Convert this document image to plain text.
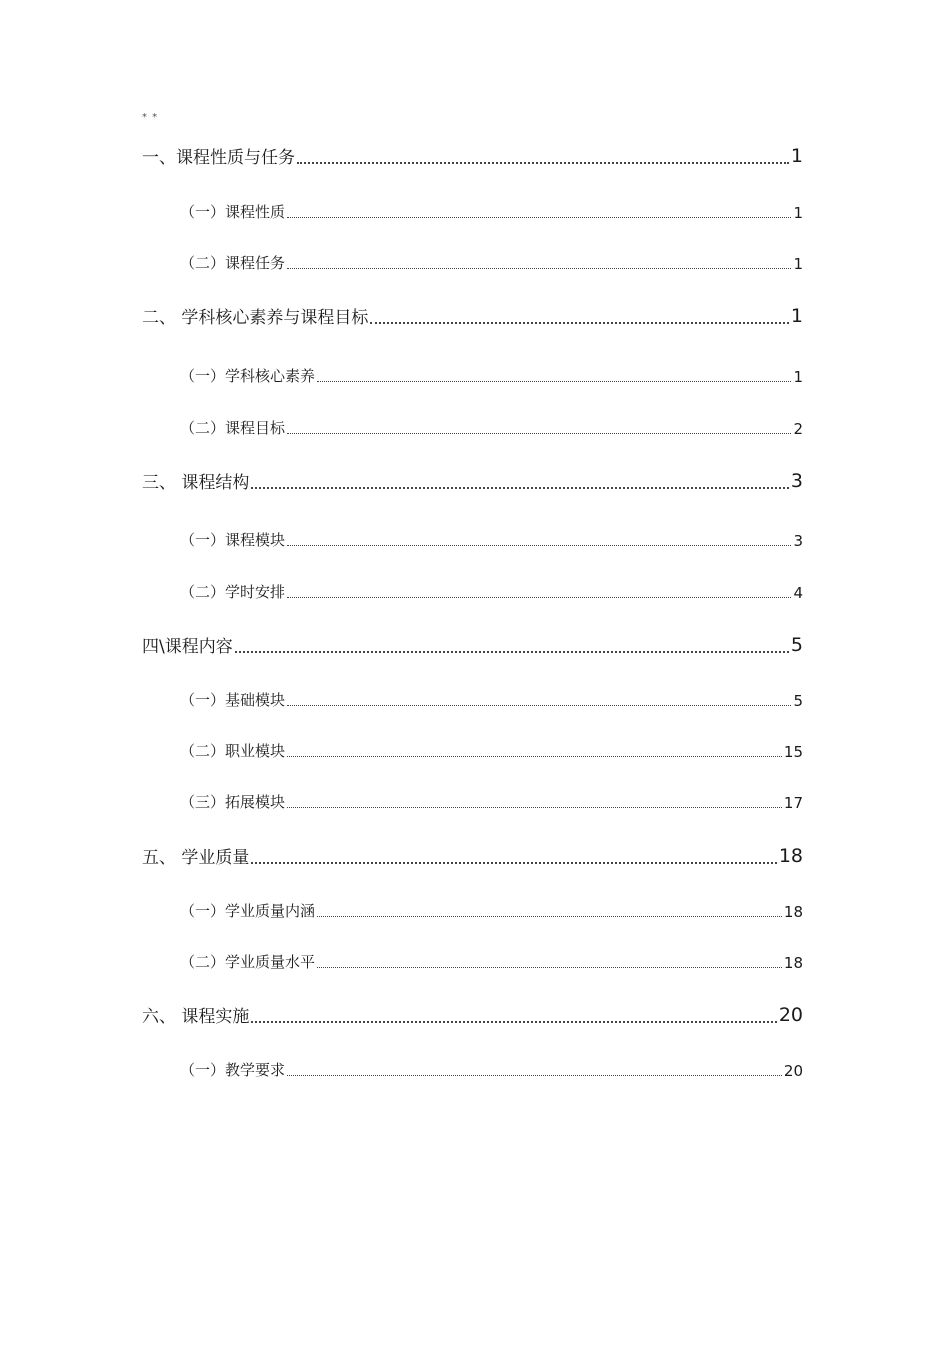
* *
一、课程性质与任务	1
（一）课程性质	1
（二）课程任务	1
二、 学科核心素养与课程目标	1
（一）学科核心素养	1
（二）课程目标	2
三、 课程结构	3
（一）课程模块	3
（二）学时安排	4
四\课程内容	5
（一）基础模块	5
（二）职业模块	15
（三）拓展模块	17
五、 学业质量	18
（一）学业质量内涵	18
（二）学业质量水平	18
六、 课程实施	20
（一）教学要求	20
